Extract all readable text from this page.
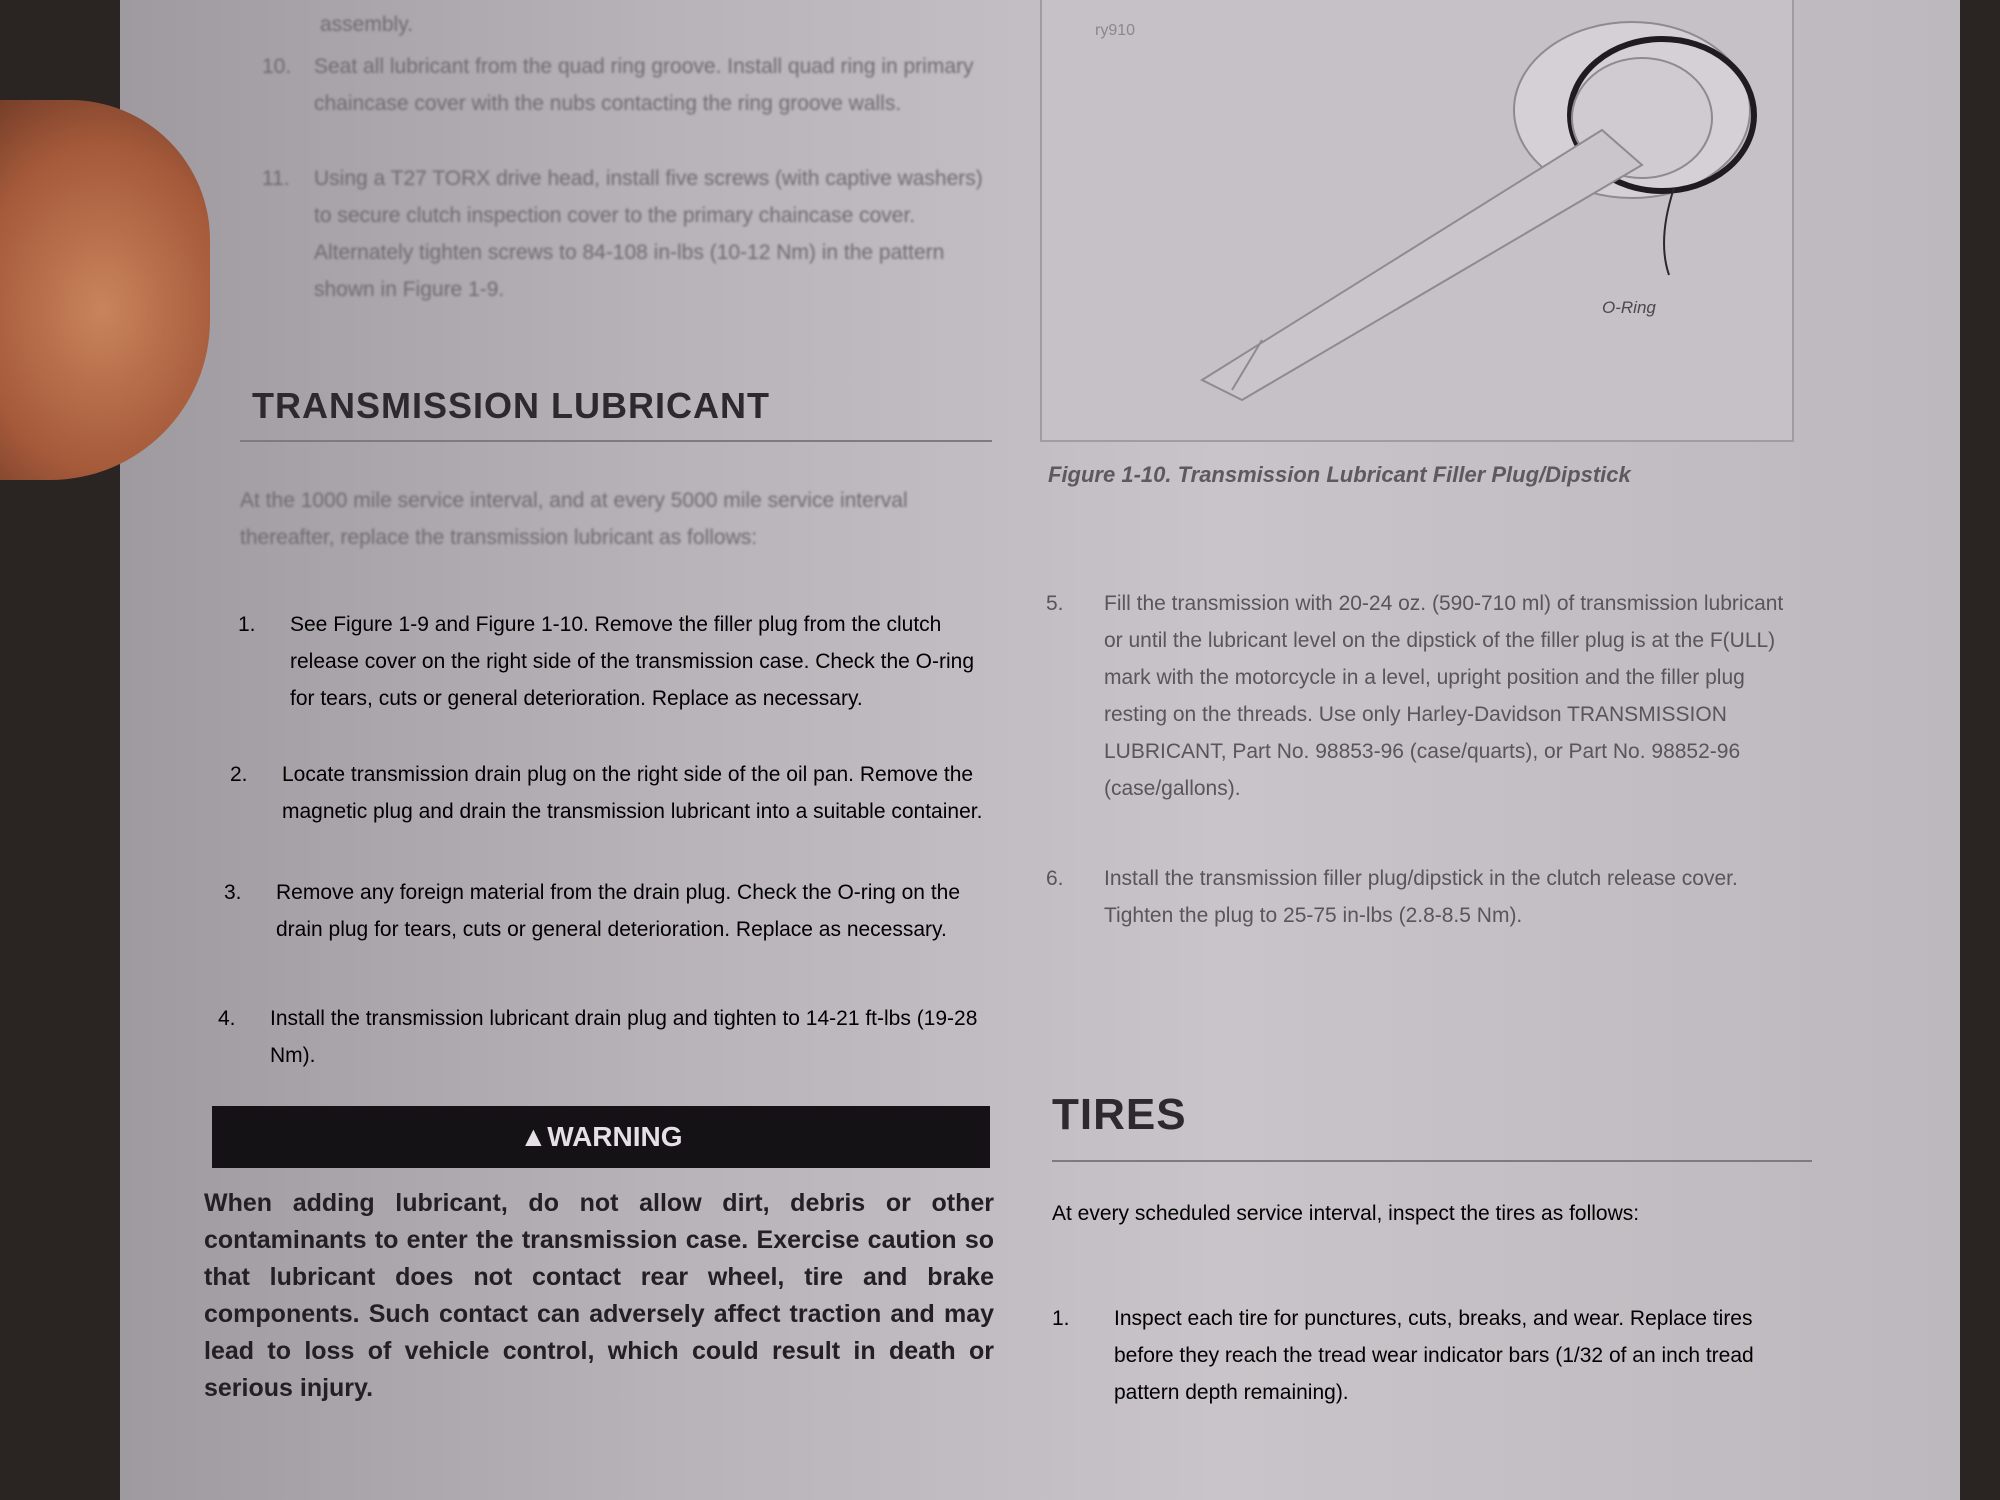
assembly.
10. Seat all lubricant from the quad ring groove. Install quad ring in primary chaincase cover with the nubs contacting the ring groove walls.
11. Using a T27 TORX drive head, install five screws (with captive washers) to secure clutch inspection cover to the primary chaincase cover. Alternately tighten screws to 84-108 in-lbs (10-12 Nm) in the pattern shown in Figure 1-9.
TRANSMISSION LUBRICANT
At the 1000 mile service interval, and at every 5000 mile service interval thereafter, replace the transmission lubricant as follows:
1. See Figure 1-9 and Figure 1-10. Remove the filler plug from the clutch release cover on the right side of the transmission case. Check the O-ring for tears, cuts or general deterioration. Replace as necessary.
2. Locate transmission drain plug on the right side of the oil pan. Remove the magnetic plug and drain the transmission lubricant into a suitable container.
3. Remove any foreign material from the drain plug. Check the O-ring on the drain plug for tears, cuts or general deterioration. Replace as necessary.
4. Install the transmission lubricant drain plug and tighten to 14-21 ft-lbs (19-28 Nm).
▲WARNING
When adding lubricant, do not allow dirt, debris or other contaminants to enter the transmission case. Exercise caution so that lubricant does not contact rear wheel, tire and brake components. Such contact can adversely affect traction and may lead to loss of vehicle control, which could result in death or serious injury.
ry910
O-Ring
Figure 1-10. Transmission Lubricant Filler Plug/Dipstick
5. Fill the transmission with 20-24 oz. (590-710 ml) of transmission lubricant or until the lubricant level on the dipstick of the filler plug is at the F(ULL) mark with the motorcycle in a level, upright position and the filler plug resting on the threads. Use only Harley-Davidson TRANSMISSION LUBRICANT, Part No. 98853-96 (case/quarts), or Part No. 98852-96 (case/gallons).
6. Install the transmission filler plug/dipstick in the clutch release cover. Tighten the plug to 25-75 in-lbs (2.8-8.5 Nm).
TIRES
At every scheduled service interval, inspect the tires as follows:
1. Inspect each tire for punctures, cuts, breaks, and wear. Replace tires before they reach the tread wear indicator bars (1/32 of an inch tread pattern depth remaining).
